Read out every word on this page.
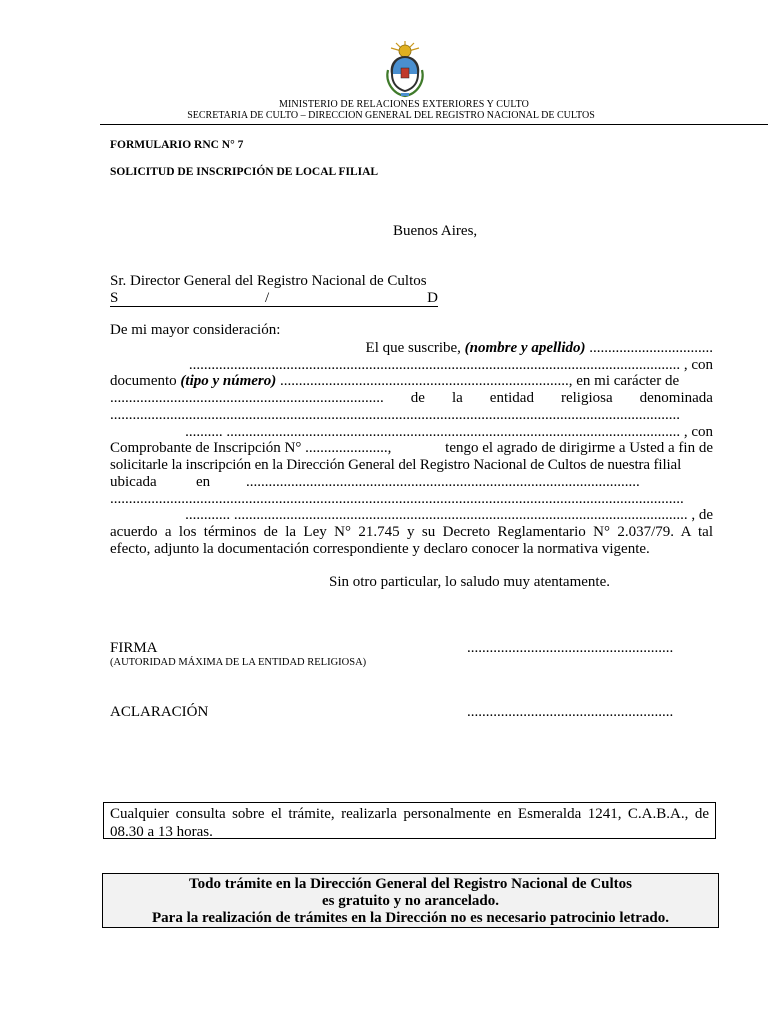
MINISTERIO DE RELACIONES EXTERIORES Y CULTO
SECRETARIA DE CULTO – DIRECCION GENERAL DEL REGISTRO NACIONAL DE CULTOS
FORMULARIO RNC N° 7
SOLICITUD DE INSCRIPCIÓN DE LOCAL FILIAL
Buenos Aires,
Sr. Director General del Registro Nacional de Cultos
S	/	D
De mi mayor consideración:
El que suscribe, (nombre y apellido) .................................
................................................................................................................................... , con
documento (tipo y número) ............................................................................., en mi carácter de
......................................................................... de la entidad religiosa denominada
........................................................................................................................................................
.......... ......................................................................................................................... , con
Comprobante de Inscripción N° ......................,	tengo el agrado de dirigirme a Usted a fin de
solicitarle la inscripción en la Dirección General del Registro Nacional de Cultos de nuestra filial
ubicada	en .........................................................................................................
.........................................................................................................................................................
............ ......................................................................................................................... , de
acuerdo a los términos de la Ley N° 21.745 y su Decreto Reglamentario N° 2.037/79. A tal
efecto, adjunto la documentación correspondiente y declaro conocer la normativa vigente.
Sin otro particular, lo saludo muy atentamente.
FIRMA
(AUTORIDAD MÁXIMA DE LA ENTIDAD RELIGIOSA)
.......................................................
ACLARACIÓN	.......................................................
Cualquier consulta sobre el trámite, realizarla personalmente en Esmeralda 1241, C.A.B.A., de 08.30 a 13 horas.
Todo trámite en la Dirección General del Registro Nacional de Cultos
es gratuito y no arancelado.
Para la realización de trámites en la Dirección no es necesario patrocinio letrado.
